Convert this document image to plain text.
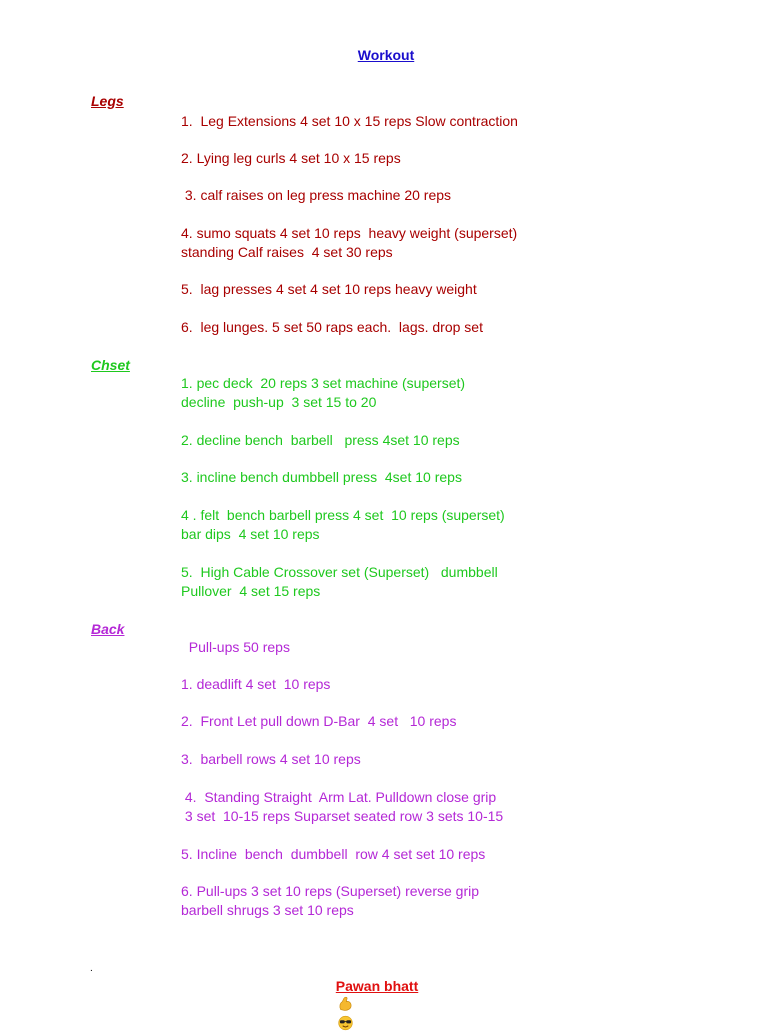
Workout
Legs
1.  Leg Extensions 4 set 10 x 15 reps Slow contraction
2. Lying leg curls 4 set 10 x 15 reps
3. calf raises on leg press machine 20 reps
4. sumo squats 4 set 10 reps  heavy weight (superset)
standing Calf raises  4 set 30 reps
5.  lag presses 4 set 4 set 10 reps heavy weight
6.  leg lunges. 5 set 50 raps each.  lags. drop set
Chset
1. pec deck  20 reps 3 set machine (superset)
decline  push-up  3 set 15 to 20
2. decline bench  barbell   press 4set 10 reps
3. incline bench dumbbell press  4set 10 reps
4 . felt  bench barbell press 4 set  10 reps (superset)
bar dips  4 set 10 reps
5.  High Cable Crossover set (Superset)   dumbbell
Pullover  4 set 15 reps
Back
Pull-ups 50 reps
1. deadlift 4 set  10 reps
2.  Front Let pull down D-Bar  4 set   10 reps
3.  barbell rows 4 set 10 reps
4.  Standing Straight  Arm Lat. Pulldown close grip
3 set  10-15 reps Suparset seated row 3 sets 10-15
5. Incline  bench  dumbbell  row 4 set set 10 reps
6. Pull-ups 3 set 10 reps (Superset) reverse grip
barbell shrugs 3 set 10 reps
.

Pawan bhatt
